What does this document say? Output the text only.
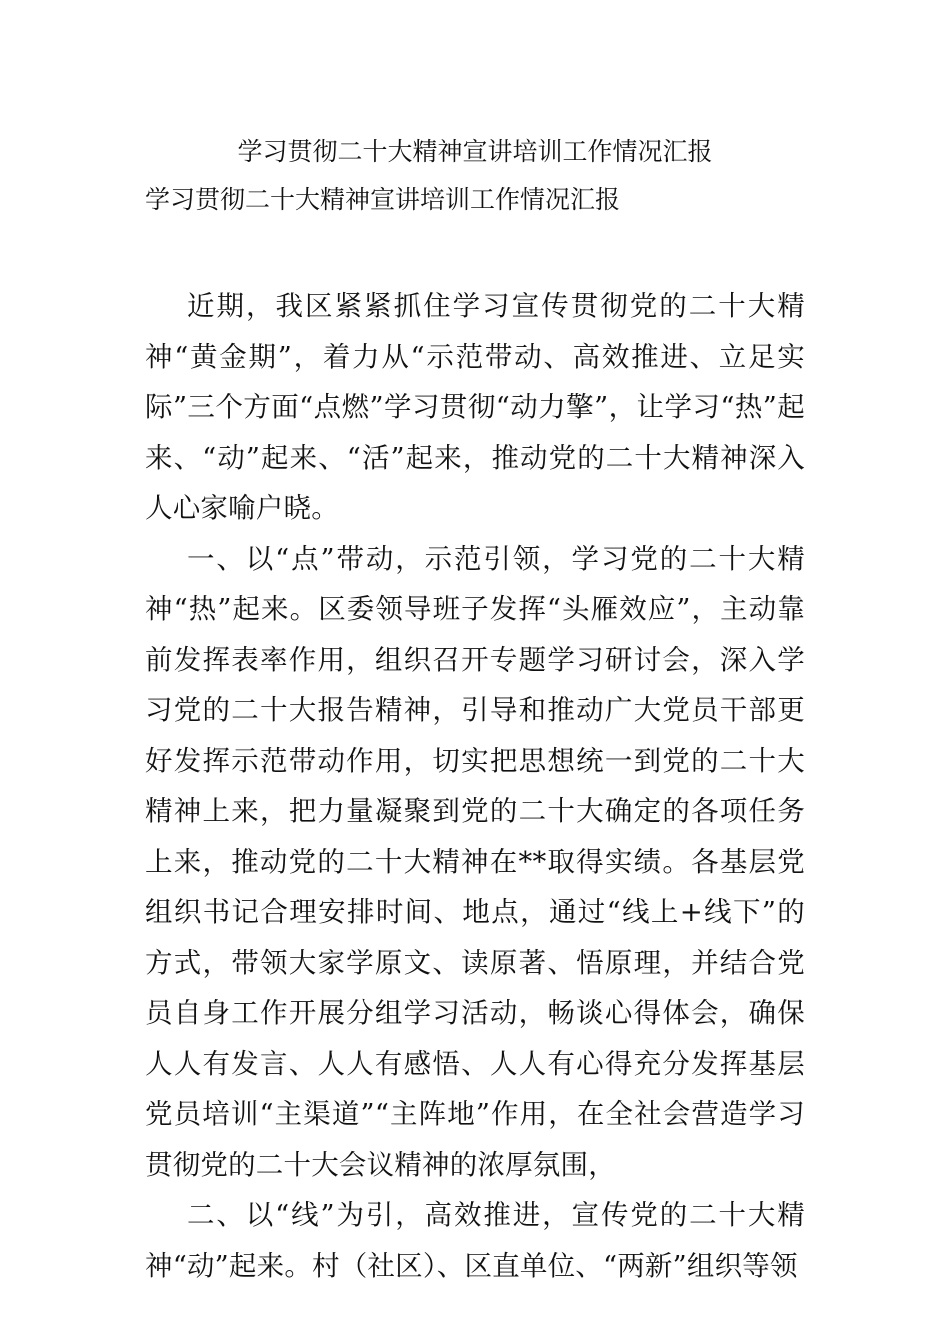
学习贯彻二十大精神宣讲培训工作情况汇报
学习贯彻二十大精神宣讲培训工作情况汇报

近期，我区紧紧抓住学习宣传贯彻党的二十大精神“黄金期”，着力从“示范带动、高效推进、立足实际”三个方面“点燃”学习贯彻“动力擎”，让学习“热”起来、“动”起来、“活”起来，推动党的二十大精神深入人心家喻户晓。

一、以“点”带动，示范引领，学习党的二十大精神“热”起来。区委领导班子发挥“头雁效应”，主动靠前发挥表率作用，组织召开专题学习研讨会，深入学习党的二十大报告精神，引导和推动广大党员干部更好发挥示范带动作用，切实把思想统一到党的二十大精神上来，把力量凝聚到党的二十大确定的各项任务上来，推动党的二十大精神在**取得实绩。各基层党组织书记合理安排时间、地点，通过“线上+线下”的方式，带领大家学原文、读原著、悟原理，并结合党员自身工作开展分组学习活动，畅谈心得体会，确保人人有发言、人人有感悟、人人有心得充分发挥基层党员培训“主渠道”“主阵地”作用，在全社会营造学习贯彻党的二十大会议精神的浓厚氛围，

二、以“线”为引，高效推进，宣传党的二十大精神“动”起来。村（社区）、区直单位、“两新”组织等领
